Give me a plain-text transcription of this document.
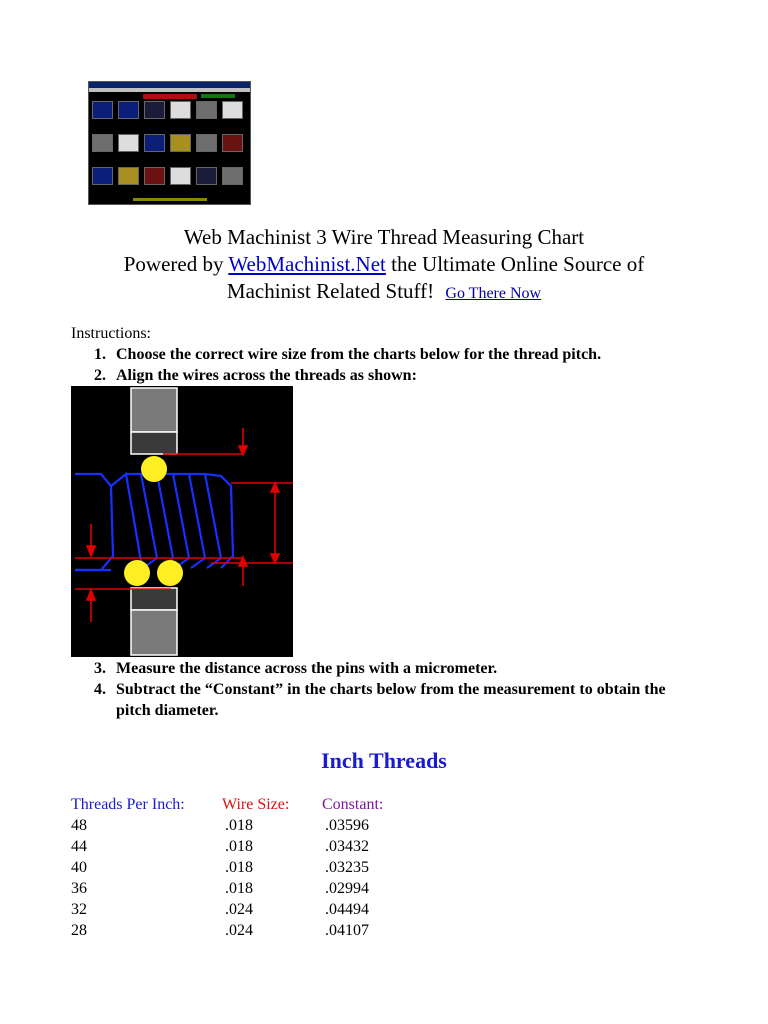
Web Machinist 3 Wire Thread Measuring Chart
Powered by WebMachinist.Net the Ultimate Online Source of
Machinist Related Stuff! Go There Now
Instructions:
1. Choose the correct wire size from the charts below for the thread pitch.
2. Align the wires across the threads as shown:
3. Measure the distance across the pins with a micrometer.
4. Subtract the “Constant” in the charts below from the measurement to obtain the
pitch diameter.
Inch Threads
Threads Per Inch: Wire Size: Constant:
48	.018	.03596
44	.018	.03432
40	.018	.03235
36	.018	.02994
32	.024	.04494
28	.024	.04107
